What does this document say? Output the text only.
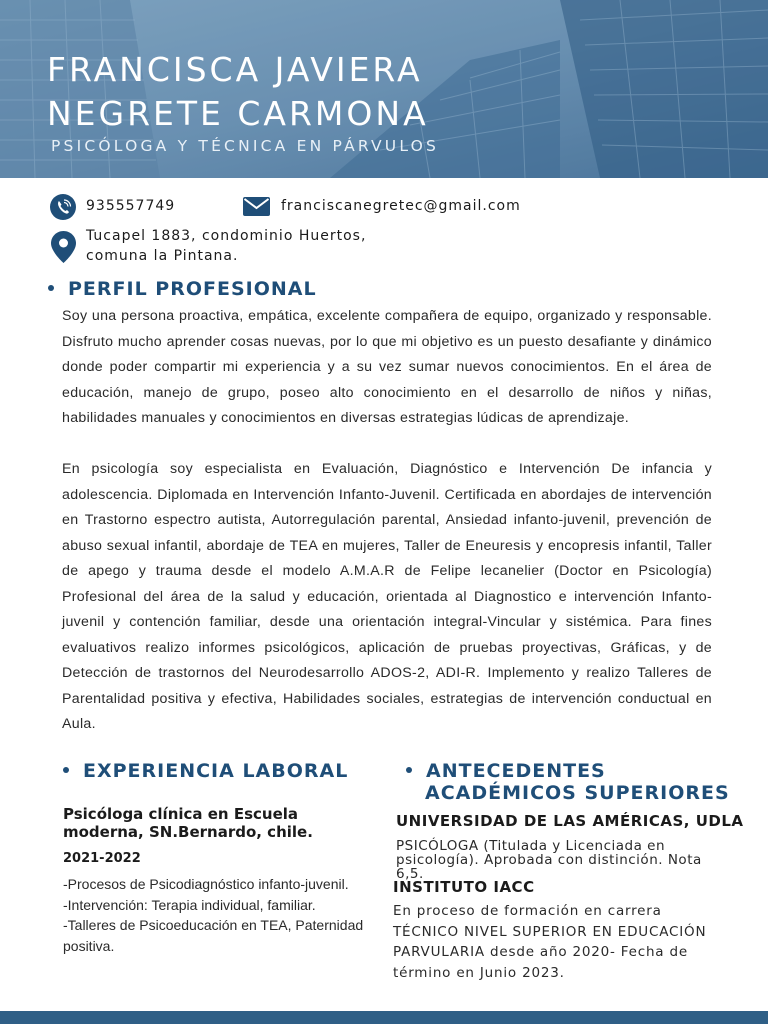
FRANCISCA JAVIERA
NEGRETE CARMONA
PSICÓLOGA Y TÉCNICA EN PÁRVULOS
935557749	franciscanegretec@gmail.com
Tucapel 1883, condominio Huertos,
comuna la Pintana.
PERFIL PROFESIONAL
Soy una persona proactiva, empática, excelente compañera de equipo, organizado y responsable. Disfruto mucho aprender cosas nuevas, por lo que mi objetivo es un puesto desafiante y dinámico donde poder compartir mi experiencia y a su vez sumar nuevos conocimientos. En el área de educación, manejo de grupo, poseo alto conocimiento en el desarrollo de niños y niñas, habilidades manuales y conocimientos en diversas estrategias lúdicas de aprendizaje.
En psicología soy especialista en Evaluación, Diagnóstico e Intervención De infancia y adolescencia. Diplomada en Intervención Infanto-Juvenil. Certificada en abordajes de intervención en Trastorno espectro autista, Autorregulación parental, Ansiedad infanto-juvenil, prevención de abuso sexual infantil, abordaje de TEA en mujeres, Taller de Eneuresis y encopresis infantil, Taller de apego y trauma desde el modelo A.M.A.R de Felipe lecanelier (Doctor en Psicología) Profesional del área de la salud y educación, orientada al Diagnostico e intervención Infanto- juvenil y contención familiar, desde una orientación integral-Vincular y sistémica. Para fines evaluativos realizo informes psicológicos, aplicación de pruebas proyectivas, Gráficas, y de Detección de trastornos del Neurodesarrollo ADOS-2, ADI-R. Implemento y realizo Talleres de Parentalidad positiva y efectiva, Habilidades sociales, estrategias de intervención conductual en Aula.
EXPERIENCIA LABORAL
Psicóloga clínica en Escuela moderna, SN.Bernardo, chile.
2021-2022
-Procesos de Psicodiagnóstico infanto-juvenil.
-Intervención: Terapia individual, familiar.
-Talleres de Psicoeducación en TEA, Paternidad positiva.
ANTECEDENTES
ACADÉMICOS SUPERIORES
UNIVERSIDAD DE LAS AMÉRICAS, UDLA
PSICÓLOGA (Titulada y Licenciada en psicología). Aprobada con distinción. Nota 6,5.
INSTITUTO IACC
En proceso de formación en carrera TÉCNICO NIVEL SUPERIOR EN EDUCACIÓN PARVULARIA desde año 2020- Fecha de término en Junio 2023.
